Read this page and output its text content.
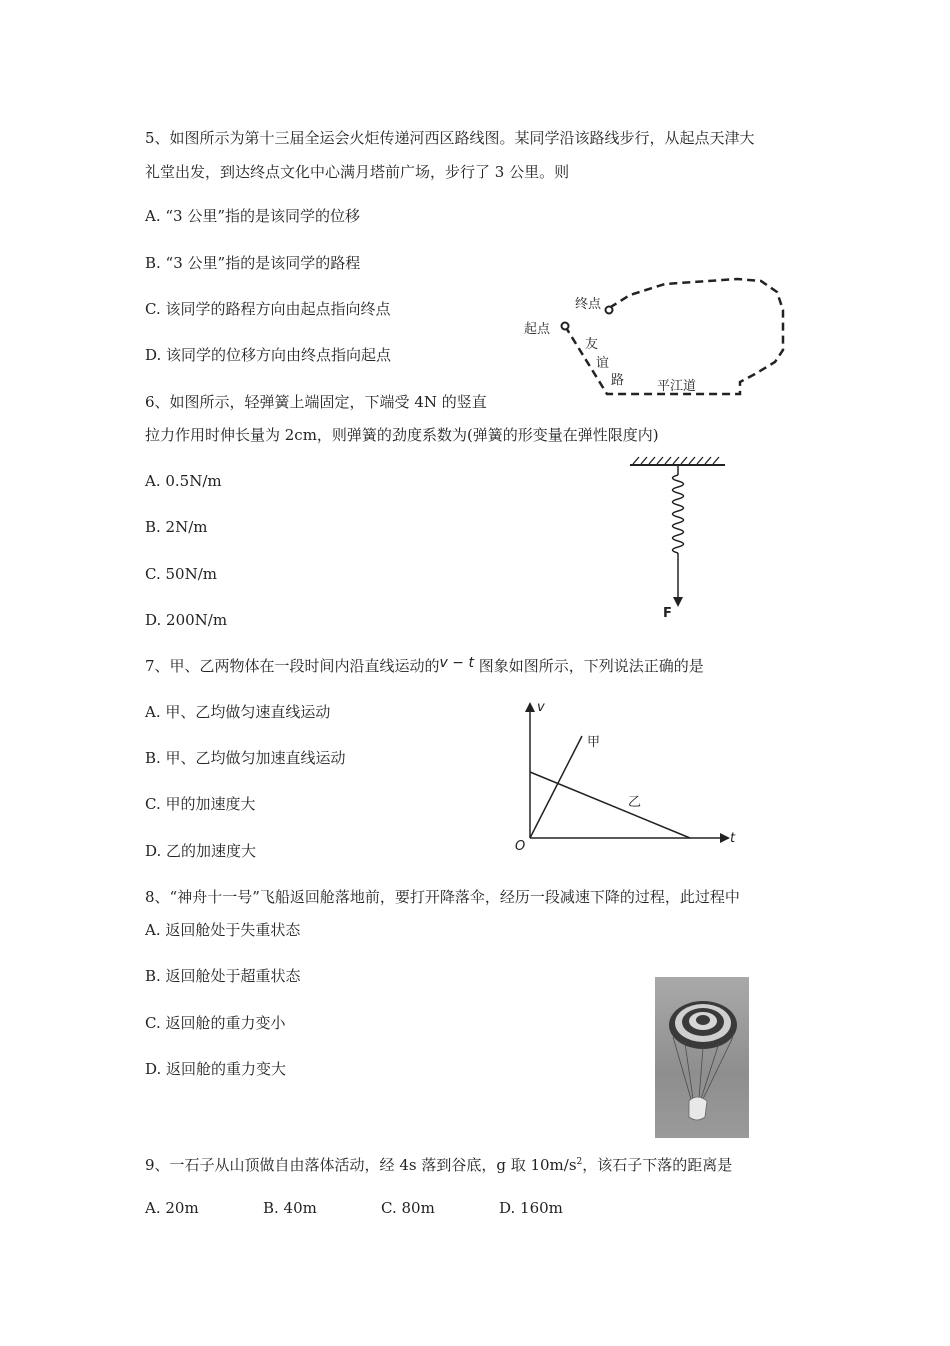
5、如图所示为第十三届全运会火炬传递河西区路线图。某同学沿该路线步行，从起点天津大
礼堂出发，到达终点文化中心满月塔前广场，步行了 3 公里。则
A. “3 公里”指的是该同学的位移
B. “3 公里”指的是该同学的路程
C. 该同学的路程方向由起点指向终点
D. 该同学的位移方向由终点指向起点
终点
起点
友
谊
路	平江道
6、如图所示，轻弹簧上端固定，下端受 4N 的竖直
拉力作用时伸长量为 2cm，则弹簧的劲度系数为(弹簧的形变量在弹性限度内)
A. 0.5N/m
B. 2N/m
C. 50N/m
D. 200N/m	F
7、甲、乙两物体在一段时间内沿直线运动的v − t 图象如图所示，下列说法正确的是
A. 甲、乙均做匀速直线运动
B. 甲、乙均做匀加速直线运动
C. 甲的加速度大
D. 乙的加速度大
v
t
O
甲
乙
8、“神舟十一号”飞船返回舱落地前，要打开降落伞，经历一段减速下降的过程，此过程中
A. 返回舱处于失重状态
B. 返回舱处于超重状态
C. 返回舱的重力变小
D. 返回舱的重力变大
9、一石子从山顶做自由落体活动，经 4s 落到谷底，g 取 $10m/s^2$，该石子下落的距离是
A. 20m	B. 40m	C. 80m	D. 160m
